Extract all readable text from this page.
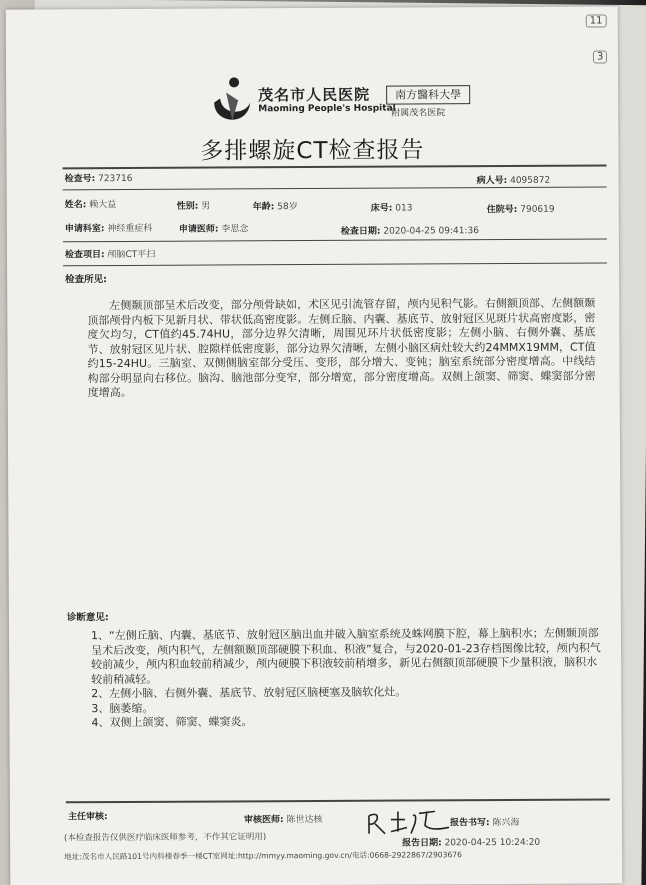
11
3
茂名市人民医院
Maoming People's Hospital
南方醫科大學
附属茂名医院
多排螺旋CT检查报告
检查号: 723716	病人号: 4095872
姓名: 赖大益	性别: 男	年龄: 58岁	床号: 013	住院号: 790619
申请科室: 神经重症科	申请医师: 李思念	检查日期: 2020-04-25 09:41:36
检查项目: 颅脑CT平扫
检查所见:
左侧颞顶部呈术后改变，部分颅骨缺如，术区见引流管存留，颅内见积气影。右侧额顶部、左侧额颞顶部颅骨内板下见新月状、带状低高密度影。左侧丘脑、内囊、基底节、放射冠区见斑片状高密度影，密度欠均匀，CT值约45.74HU，部分边界欠清晰，周围见环片状低密度影；左侧小脑、右侧外囊、基底节、放射冠区见片状、腔隙样低密度影，部分边界欠清晰，左侧小脑区病灶较大约24MMX19MM，CT值约15-24HU。三脑室、双侧侧脑室部分受压、变形，部分增大、变钝；脑室系统部分密度增高。中线结构部分明显向右移位。脑沟、脑池部分变窄，部分增宽，部分密度增高。双侧上颌窦、筛窦、蝶窦部分密度增高。
诊断意见:
1、“左侧丘脑、内囊、基底节、放射冠区脑出血并破入脑室系统及蛛网膜下腔，幕上脑积水；左侧颞顶部呈术后改变，颅内积气，左侧额颞顶部硬膜下积血、积液”复合，与2020-01-23存档图像比较，颅内积气较前减少，颅内积血较前稍减少，颅内硬膜下积液较前稍增多，新见右侧额顶部硬膜下少量积液，脑积水较前稍减轻。
2、左侧小脑、右侧外囊、基底节、放射冠区脑梗塞及脑软化灶。
3、脑萎缩。
4、双侧上颌窦、筛窦、蝶窦炎。
主任审核:	审核医师: 陈世达核	报告书写: 陈兴海
报告日期: 2020-04-25 10:24:20
(本检查报告仅供医疗临床医师参考，不作其它证明用)
地址:茂名市人民路101号内科楼春季一楼CT室网址:http://mmyy.maoming.gov.cn/电话:0668-2922867/2903676
